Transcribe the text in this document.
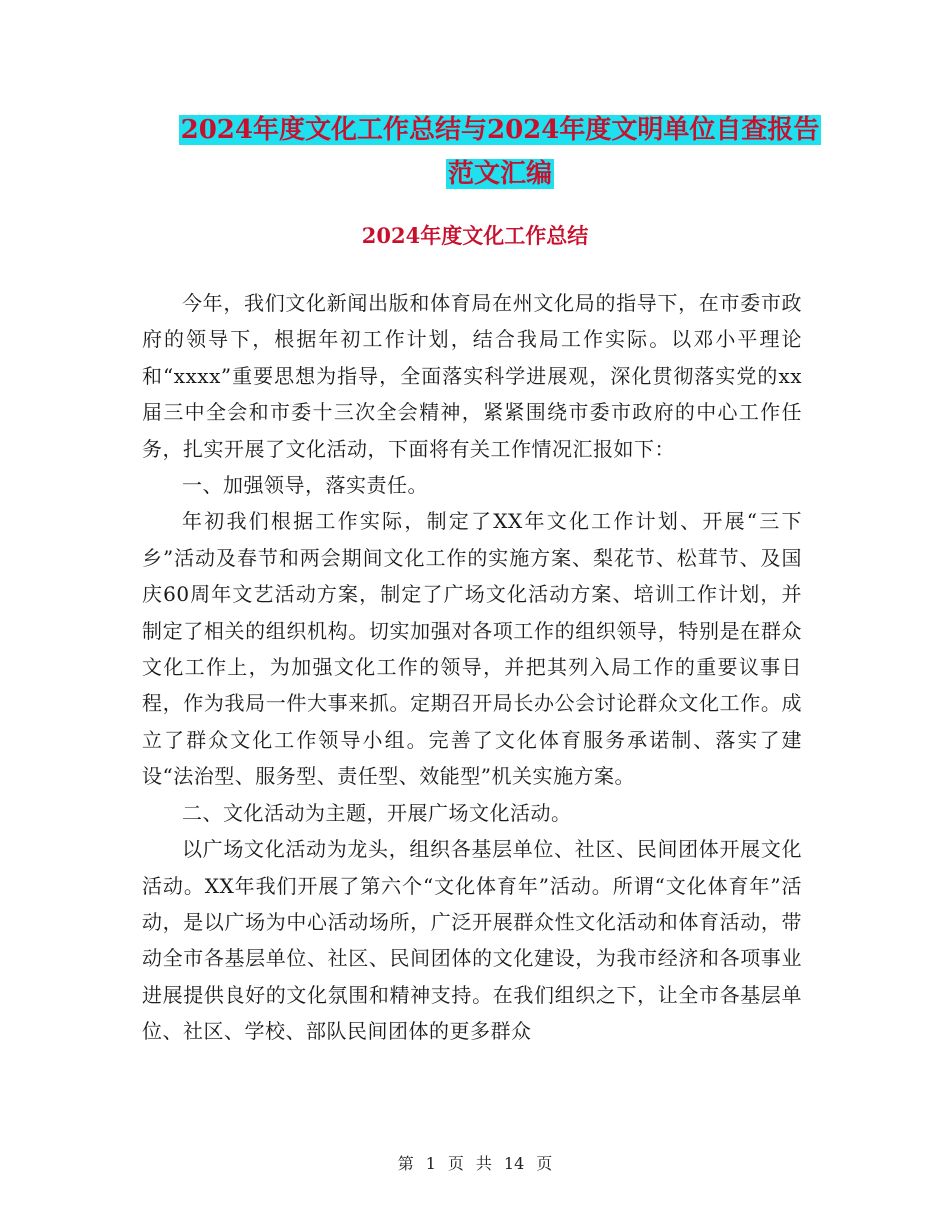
2024年度文化工作总结与2024年度文明单位自查报告
范文汇编
2024年度文化工作总结

今年，我们文化新闻出版和体育局在州文化局的指导下，在市委市政府的领导下，根据年初工作计划，结合我局工作实际。以邓小平理论和“xxxx”重要思想为指导，全面落实科学进展观，深化贯彻落实党的xx届三中全会和市委十三次全会精神，紧紧围绕市委市政府的中心工作任务，扎实开展了文化活动，下面将有关工作情况汇报如下：

一、加强领导，落实责任。

年初我们根据工作实际，制定了XX年文化工作计划、开展“三下乡”活动及春节和两会期间文化工作的实施方案、梨花节、松茸节、及国庆60周年文艺活动方案，制定了广场文化活动方案、培训工作计划，并制定了相关的组织机构。切实加强对各项工作的组织领导，特别是在群众文化工作上，为加强文化工作的领导，并把其列入局工作的重要议事日程，作为我局一件大事来抓。定期召开局长办公会讨论群众文化工作。成立了群众文化工作领导小组。完善了文化体育服务承诺制、落实了建设“法治型、服务型、责任型、效能型”机关实施方案。

二、文化活动为主题，开展广场文化活动。

以广场文化活动为龙头，组织各基层单位、社区、民间团体开展文化活动。XX年我们开展了第六个“文化体育年”活动。所谓“文化体育年”活动，是以广场为中心活动场所，广泛开展群众性文化活动和体育活动，带动全市各基层单位、社区、民间团体的文化建设，为我市经济和各项事业进展提供良好的文化氛围和精神支持。在我们组织之下，让全市各基层单位、社区、学校、部队民间团体的更多群众

第 1 页 共 14 页
